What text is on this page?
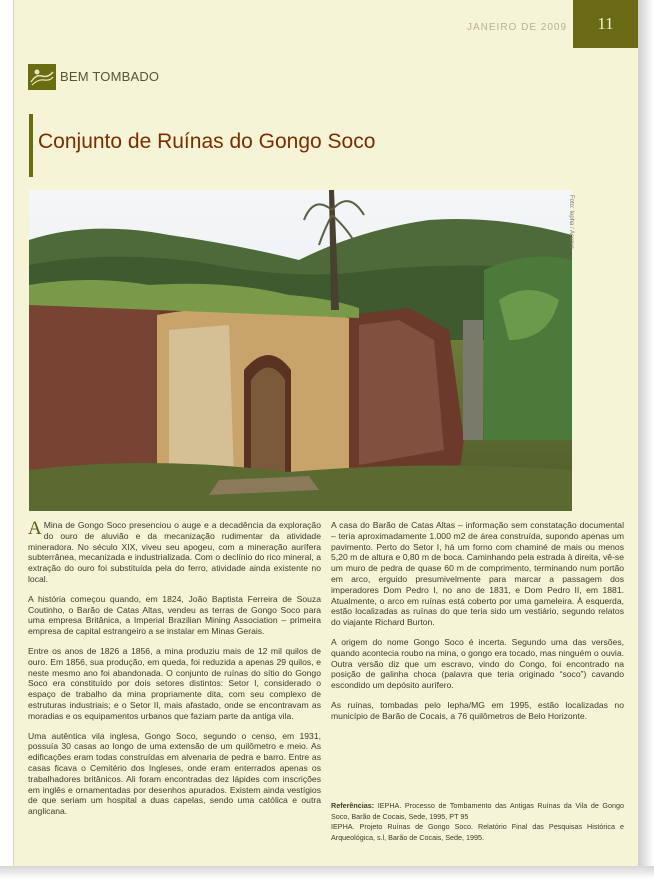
JANEIRO DE 2009	11
BEM TOMBADO
Conjunto de Ruínas do Gongo Soco
Foto: Iepha / Acervo

A Mina de Gongo Soco presenciou o auge e a decadência da exploração do ouro de aluvião e da mecanização rudimentar da atividade mineradora. No século XIX, viveu seu apogeu, com a mineração aurífera subterrânea, mecanizada e industrializada. Com o declínio do rico mineral, a extração do ouro foi substituída pela do ferro, atividade ainda existente no local.

A história começou quando, em 1824, João Baptista Ferreira de Souza Coutinho, o Barão de Catas Altas, vendeu as terras de Gongo Soco para uma empresa Britânica, a Imperial Brazilian Mining Association – primeira empresa de capital estrangeiro a se instalar em Minas Gerais.

Entre os anos de 1826 a 1856, a mina produziu mais de 12 mil quilos de ouro. Em 1856, sua produção, em queda, foi reduzida a apenas 29 quilos, e neste mesmo ano foi abandonada. O conjunto de ruínas do sítio do Gongo Soco era constituído por dois setores distintos: Setor I, considerado o espaço de trabalho da mina propriamente dita, com seu complexo de estruturas industriais; e o Setor II, mais afastado, onde se encontravam as moradias e os equipamentos urbanos que faziam parte da antiga vila.

Uma autêntica vila inglesa, Gongo Soco, segundo o censo, em 1931, possuía 30 casas ao longo de uma extensão de um quilômetro e meio. As edificações eram todas construídas em alvenaria de pedra e barro. Entre as casas ficava o Cemitério dos Ingleses, onde eram enterrados apenas os trabalhadores britânicos. Ali foram encontradas dez lápides com inscrições em inglês e ornamentadas por desenhos apurados. Existem ainda vestígios de que seriam um hospital a duas capelas, sendo uma católica e outra anglicana.

A casa do Barão de Catas Altas – informação sem constatação documental – teria aproximadamente 1.000 m2 de área construída, supondo apenas um pavimento. Perto do Setor I, há um forno com chaminé de mais ou menos 5,20 m de altura e 0,80 m de boca. Caminhando pela estrada à direita, vê-se um muro de pedra de quase 60 m de comprimento, terminando num portão em arco, erguido presumivelmente para marcar a passagem dos imperadores Dom Pedro I, no ano de 1831, e Dom Pedro II, em 1881. Atualmente, o arco em ruínas está coberto por uma gameleira. À esquerda, estão localizadas as ruínas do que teria sido um vestiário, segundo relatos do viajante Richard Burton.

A origem do nome Gongo Soco é incerta. Segundo uma das versões, quando acontecia roubo na mina, o gongo era tocado, mas ninguém o ouvia. Outra versão diz que um escravo, vindo do Congo, foi encontrado na posição de galinha choca (palavra que teria originado “soco”) cavando escondido um depósito aurífero.

As ruínas, tombadas pelo Iepha/MG em 1995, estão localizadas no município de Barão de Cocais, a 76 quilômetros de Belo Horizonte.

Referências: IEPHA. Processo de Tombamento das Antigas Ruínas da Vila de Gongo Soco, Barão de Cocais, Sede, 1995, PT 95

IEPHA. Projeto Ruínas de Gongo Soco. Relatório Final das Pesquisas Histórica e Arqueológica, s.l, Barão de Cocais, Sede, 1995.
